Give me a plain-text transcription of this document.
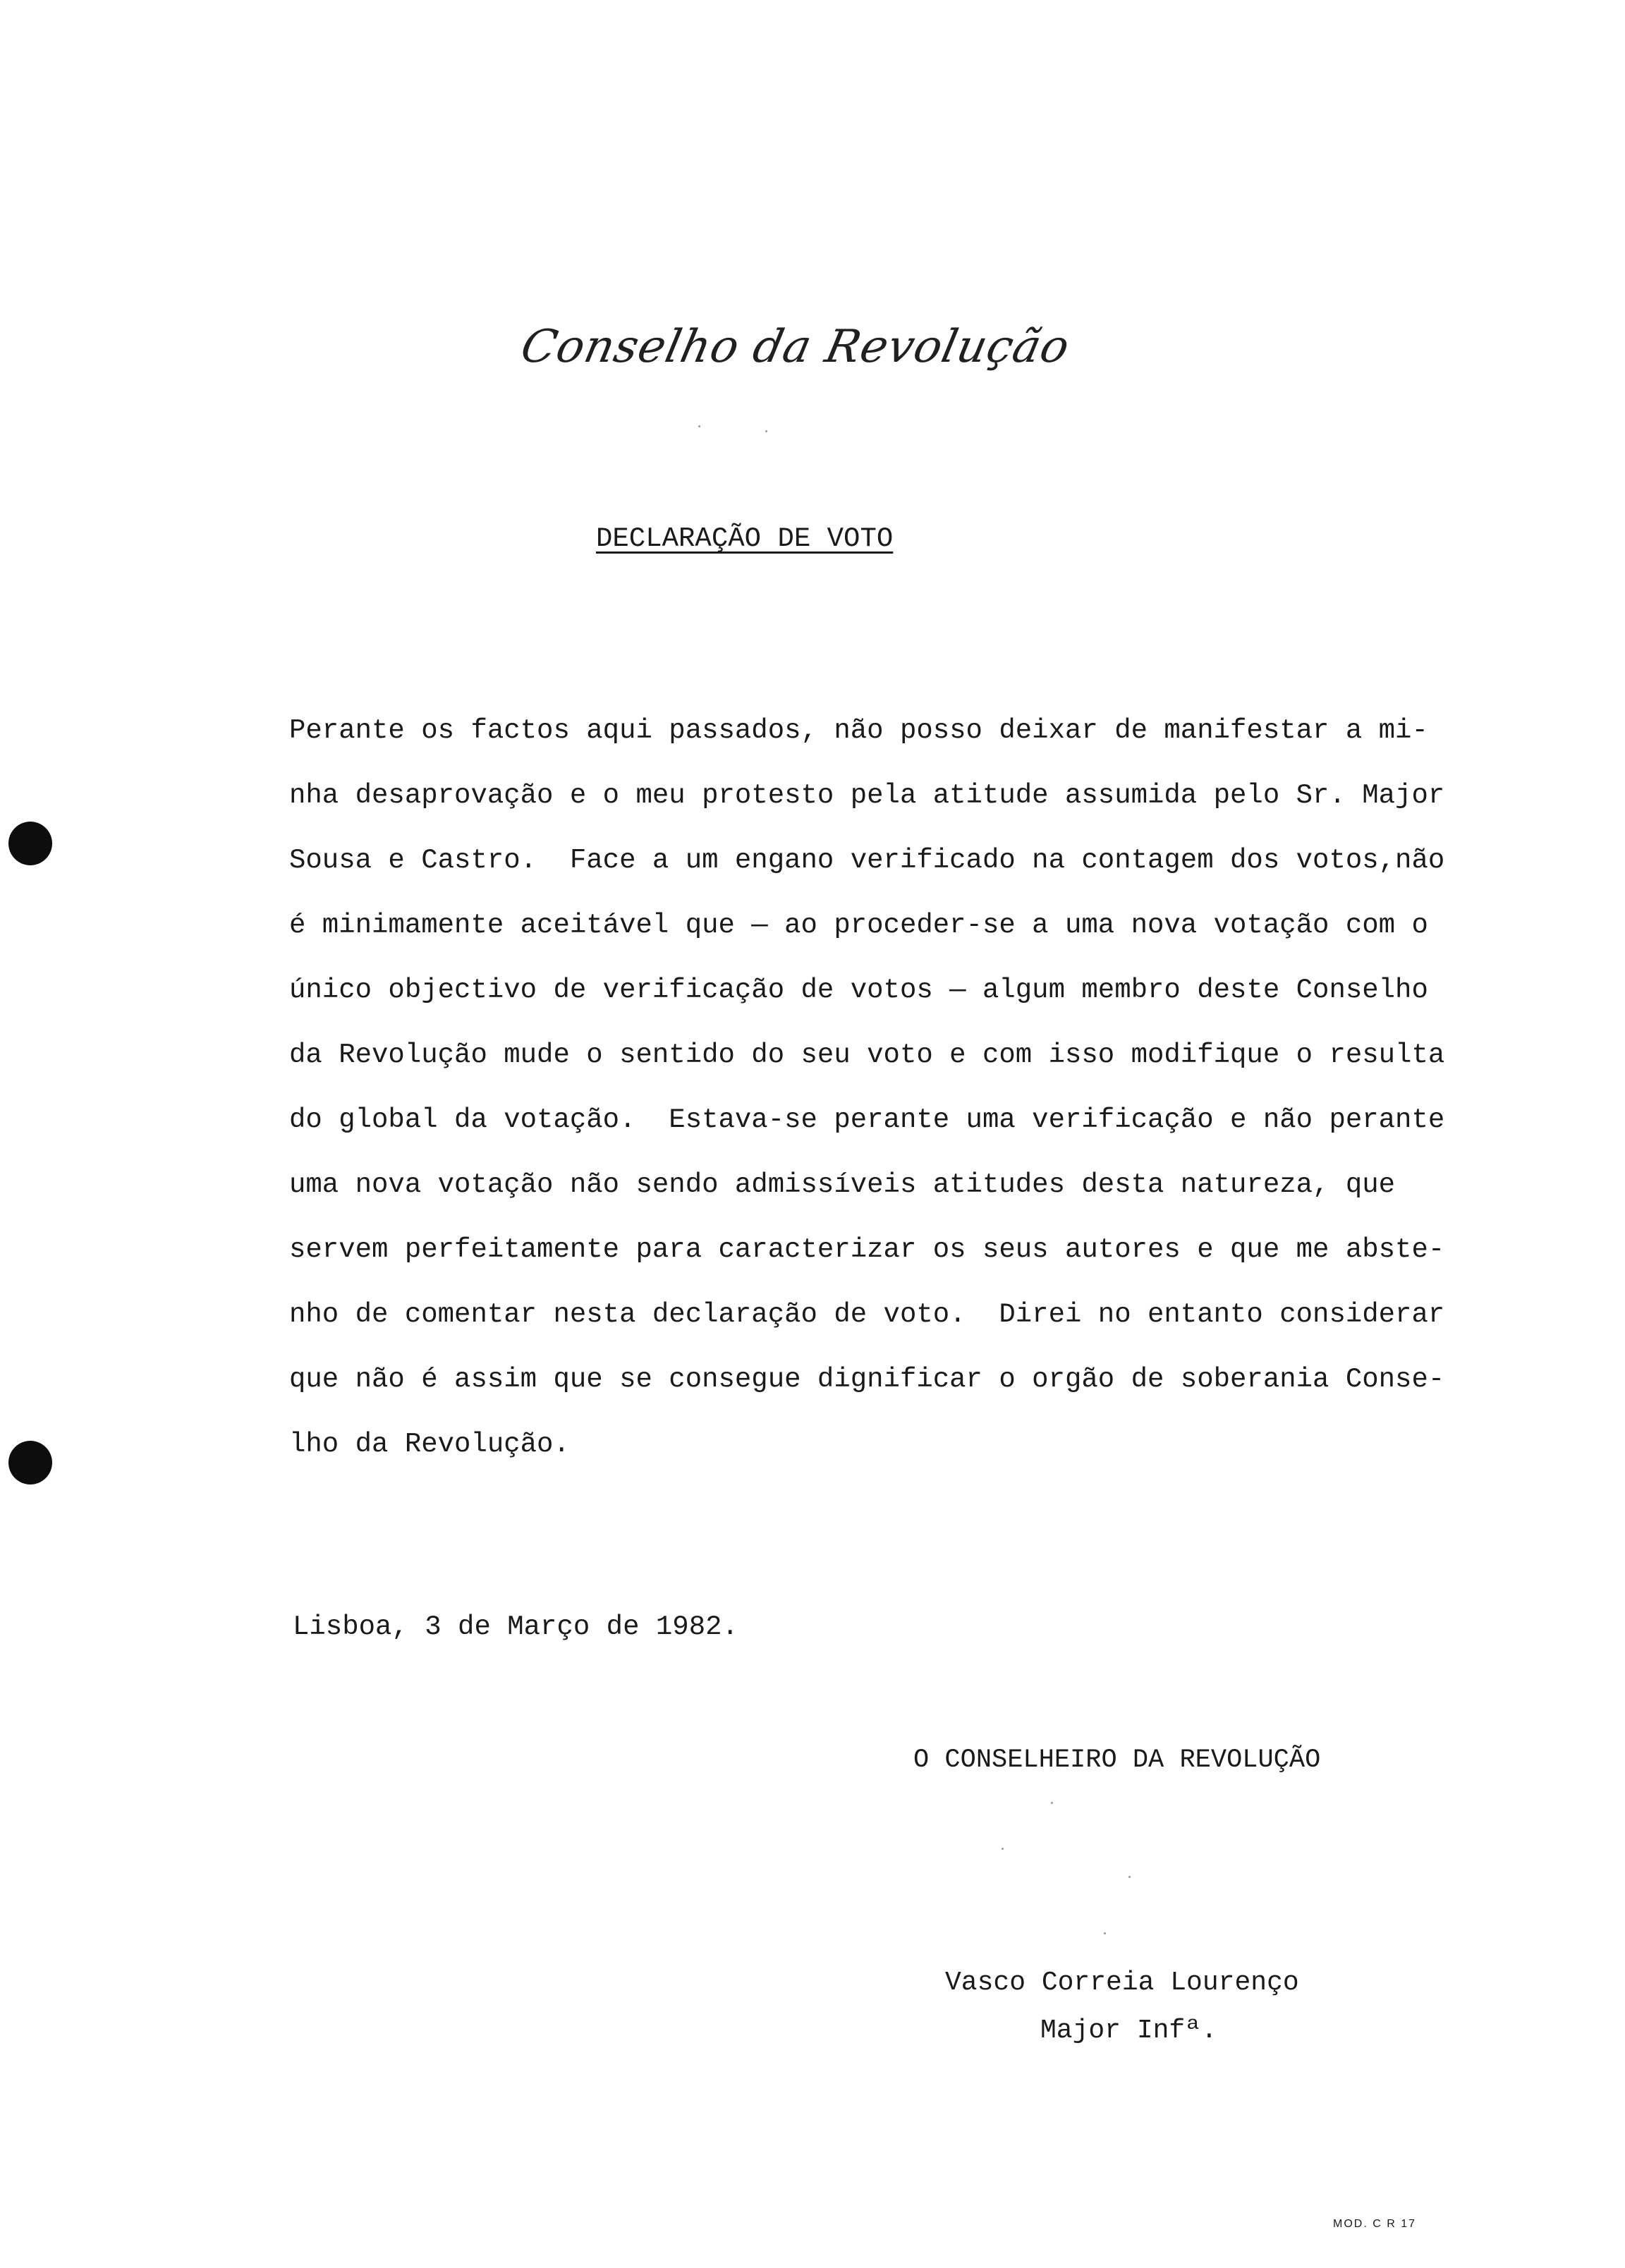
Conselho da Revolução
DECLARAÇÃO DE VOTO
Perante os factos aqui passados, não posso deixar de manifestar a mi-
nha desaprovação e o meu protesto pela atitude assumida pelo Sr. Major
Sousa e Castro.  Face a um engano verificado na contagem dos votos,não
é minimamente aceitável que — ao proceder-se a uma nova votação com o
único objectivo de verificação de votos — algum membro deste Conselho
da Revolução mude o sentido do seu voto e com isso modifique o resulta
do global da votação.  Estava-se perante uma verificação e não perante
uma nova votação não sendo admissíveis atitudes desta natureza, que
servem perfeitamente para caracterizar os seus autores e que me abste-
nho de comentar nesta declaração de voto.  Direi no entanto considerar
que não é assim que se consegue dignificar o orgão de soberania Conse-
lho da Revolução.
Lisboa, 3 de Março de 1982.
O CONSELHEIRO DA REVOLUÇÃO
Vasco Correia Lourenço
Major Infª.
MOD. C R 17
